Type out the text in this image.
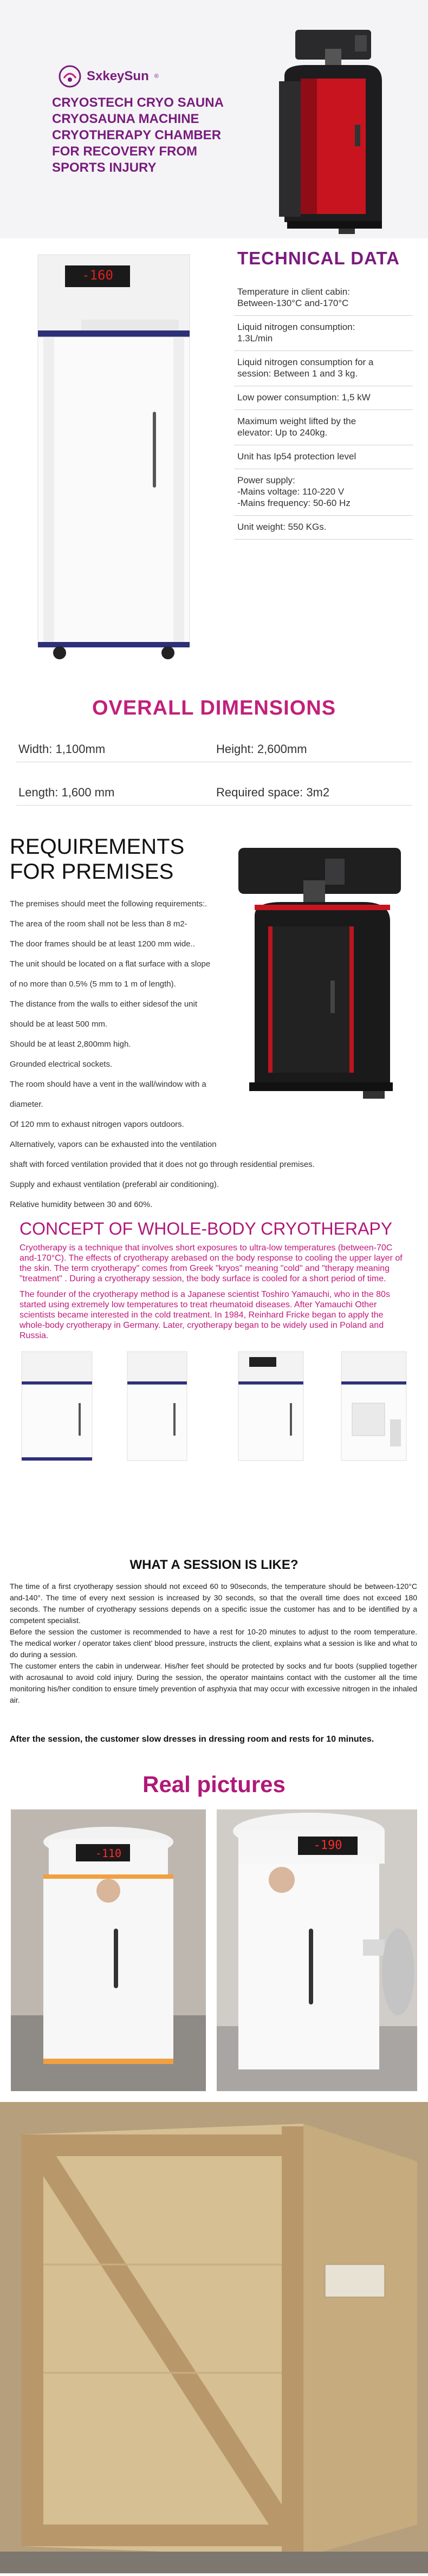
SxkeySun ®
CRYOSTECH CRYO SAUNA
CRYOSAUNA MACHINE
CRYOTHERAPY CHAMBER
FOR RECOVERY FROM
SPORTS INJURY
-160
TECHNICAL DATA
Temperature in client cabin:
Between-130°C and-170°C
Liquid nitrogen consumption:
1.3L/min
Liquid nitrogen consumption for a
session: Between 1 and 3 kg.
Low power consumption: 1,5 kW
Maximum weight lifted by the
elevator: Up to 240kg.
Unit has Ip54 protection level
Power supply:
-Mains voltage: 110-220 V
-Mains frequency: 50-60 Hz
Unit weight: 550 KGs.
OVERALL DIMENSIONS
Width: 1,100mm	Height: 2,600mm
Length: 1,600 mm	Required space: 3m2
REQUIREMENTS
FOR PREMISES
The premises should meet the following requirements:.
The area of the room shall not be less than 8 m2-
The door frames should be at least 1200 mm wide..
The unit should be located on a flat surface with a slope
of no more than 0.5% (5 mm to 1 m of length).
The distance from the walls to either sidesof the unit
should be at least 500 mm.
Should be at least 2,800mm high.
Grounded electrical sockets.
The room should have a vent in the wall/window with a
diameter.
Of 120 mm to exhaust nitrogen vapors outdoors.
Alternatively, vapors can be exhausted into the ventilation
shaft with forced ventilation provided that it does not go through residential premises.
Supply and exhaust ventilation (preferabl air conditioning).
Relative humidity between 30 and 60%.
CONCEPT OF WHOLE-BODY CRYOTHERAPY
Cryotherapy is a technique that involves short exposures to ultra-low temperatures (between-70C and-170°C). The effects of cryotherapy arebased on the body response to cooling the upper layer of the skin. The term cryotherapy" comes from Greek "kryos" meaning "cold" and "therapy meaning "treatment" . During a cryotherapy session, the body surface is cooled for a short period of time.
The founder of the cryotherapy method is a Japanese scientist Toshiro Yamauchi, who in the 80s started using extremely low temperatures to treat rheumatoid diseases. After Yamauchi Other scientists became interested in the cold treatment. In 1984, Reinhard Fricke began to apply the whole-body cryotherapy in Germany. Later, cryotherapy began to be widely used in Poland and Russia.
WHAT A SESSION IS LIKE?
The time of a first cryotherapy session should not exceed 60 to 90seconds, the temperature should be between-120°C and-140°. The time of every next session is increased by 30 seconds, so that the overall time does not exceed 180 seconds. The number of cryotherapy sessions depends on a specific issue the customer has and to be identified by a competent specialist.
Before the session the customer is recommended to have a rest for 10-20 minutes to adjust to the room temperature. The medical worker / operator takes client' blood pressure, instructs the client, explains what a session is like and what to do during a session.
The customer enters the cabin in underwear. His/her feet should be protected by socks and fur boots (supplied together with acrosaunal to avoid cold injury. During the session, the operator maintains contact with the customer all the time monitoring his/her condition to ensure timely prevention of asphyxia that may occur with excessive nitrogen in the inhaled air.
After the session, the customer slow dresses in dressing room and rests for 10 minutes.
Real pictures
-110
-190
